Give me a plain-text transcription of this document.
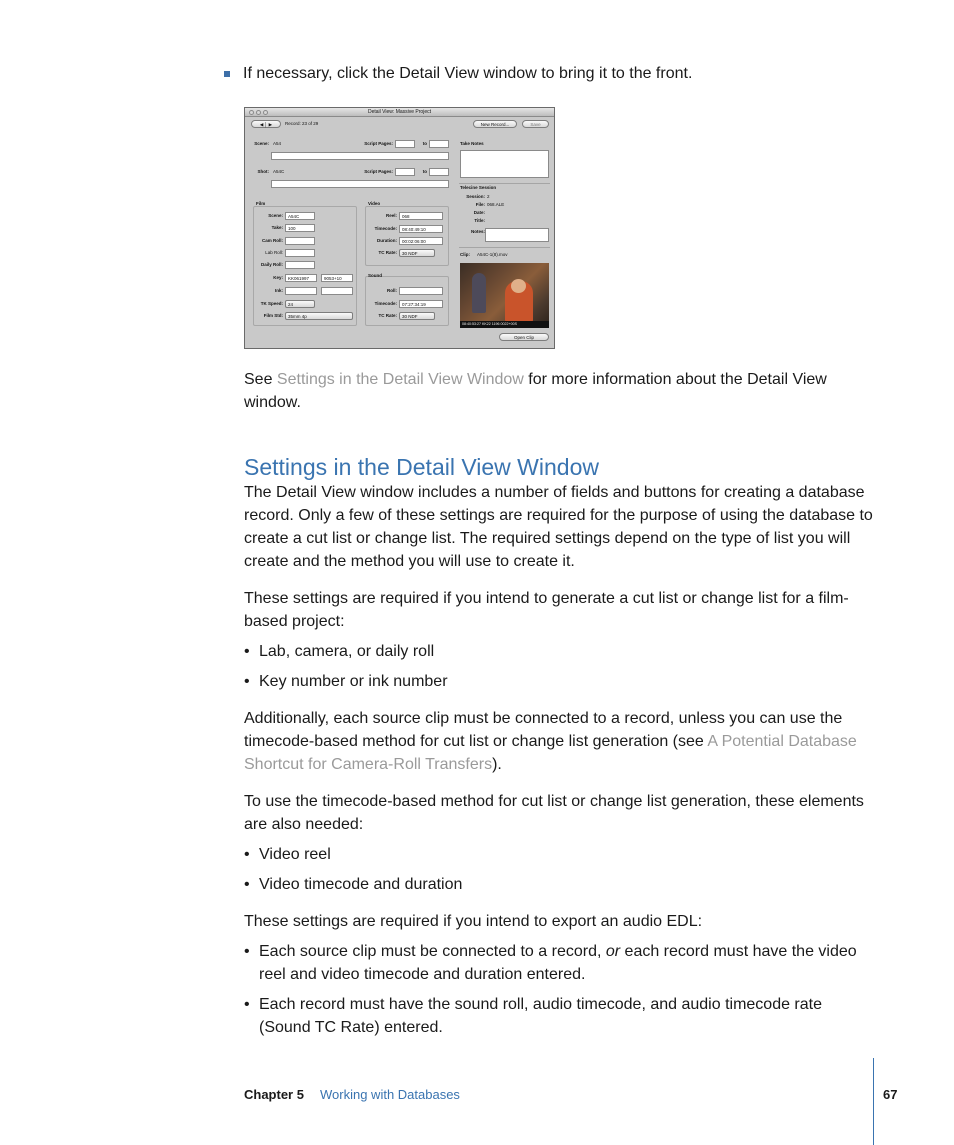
If necessary, click the Detail View window to bring it to the front.
Detail View: Massive Project
◀ │ ▶	Record: 23 of 29	New Record...	Save
Scene: A54	Script Pages:	to
Shot: A54C	Script Pages:	to
Take Notes
Telecine Session
Session: 2
File: 068.ALE
Date:
Title:
Notes:
Clip: A54C-1(8).mov
08:40:53:27 KK22 1196 0022+00S
Open Clip
Film
Scene:	A54C
Take:	100
Cam Roll:
Lab Roll:
Daily Roll:
Key:	KK061997	9053+10
Ink:
TK Speed:	24
Film Std:	35mm 4p
Video
Reel:	068
Timecode:	08:40:49:10
Duration:	00:02:06:00
TC Rate:	30 NDF
Sound
Roll:
Timecode:	07:27:34:19
TC Rate:	30 NDF

See Settings in the Detail View Window for more information about the Detail View window.

Settings in the Detail View Window

The Detail View window includes a number of fields and buttons for creating a database record. Only a few of these settings are required for the purpose of using the database to create a cut list or change list. The required settings depend on the type of list you will create and the method you will use to create it.

These settings are required if you intend to generate a cut list or change list for a film-based project:

• Lab, camera, or daily roll
• Key number or ink number

Additionally, each source clip must be connected to a record, unless you can use the timecode-based method for cut list or change list generation (see A Potential Database Shortcut for Camera-Roll Transfers).

To use the timecode-based method for cut list or change list generation, these elements are also needed:

• Video reel
• Video timecode and duration

These settings are required if you intend to export an audio EDL:

• Each source clip must be connected to a record, or each record must have the video reel and video timecode and duration entered.
• Each record must have the sound roll, audio timecode, and audio timecode rate (Sound TC Rate) entered.
Chapter 5 Working with Databases	67
